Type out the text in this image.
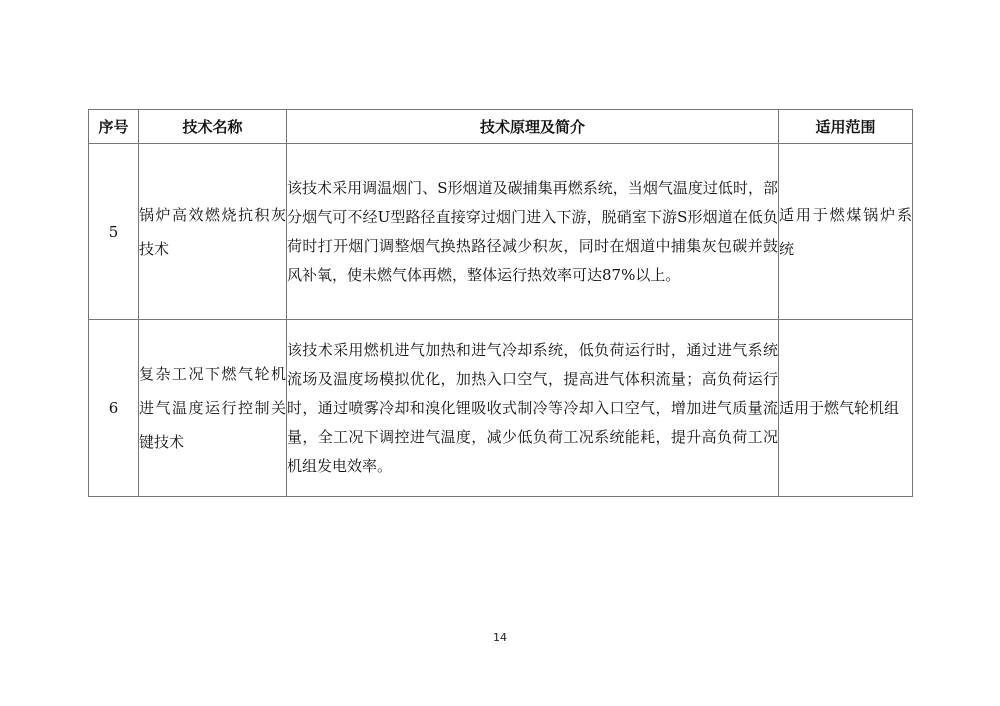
序号	技术名称	技术原理及简介	适用范围
5	锅炉高效燃烧抗积灰技术	该技术采用调温烟门、S形烟道及碳捕集再燃系统，当烟气温度过低时，部分烟气可不经U型路径直接穿过烟门进入下游，脱硝室下游S形烟道在低负荷时打开烟门调整烟气换热路径减少积灰，同时在烟道中捕集灰包碳并鼓风补氧，使未燃气体再燃，整体运行热效率可达87%以上。	适用于燃煤锅炉系统
6	复杂工况下燃气轮机进气温度运行控制关键技术	该技术采用燃机进气加热和进气冷却系统，低负荷运行时，通过进气系统流场及温度场模拟优化，加热入口空气，提高进气体积流量；高负荷运行时，通过喷雾冷却和溴化锂吸收式制冷等冷却入口空气，增加进气质量流量，全工况下调控进气温度，减少低负荷工况系统能耗，提升高负荷工况机组发电效率。	适用于燃气轮机组
14
